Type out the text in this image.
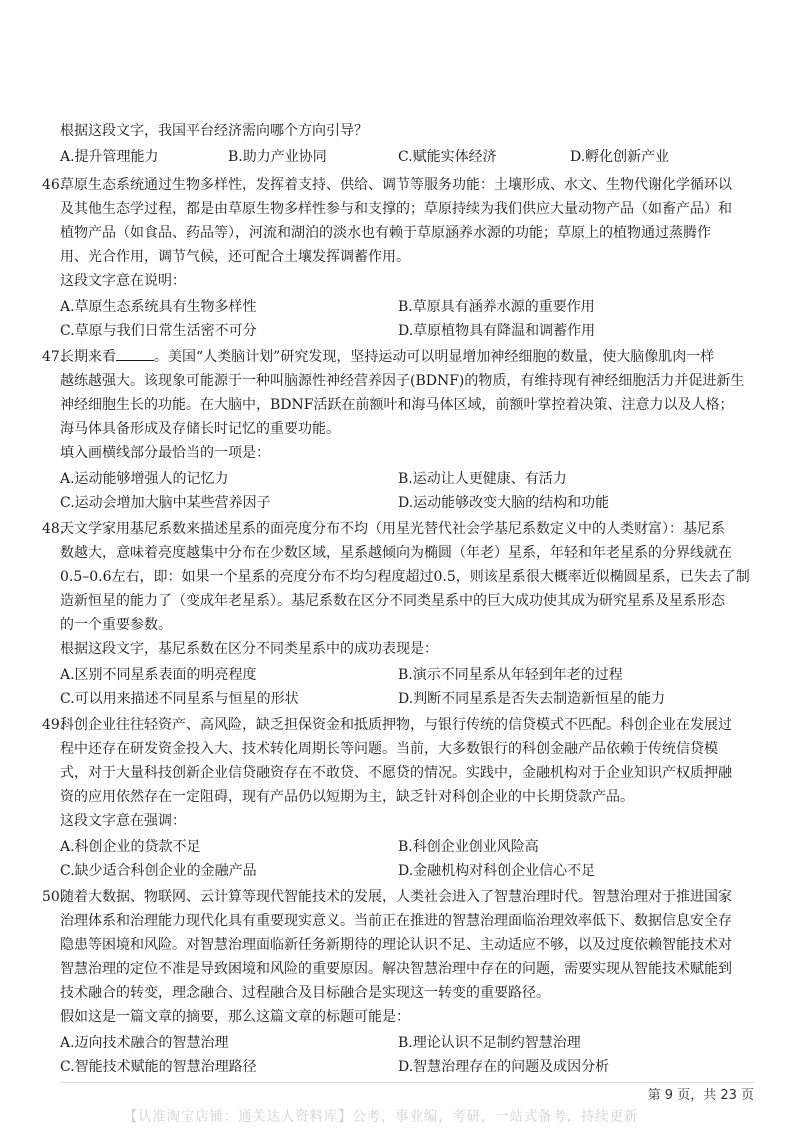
根据这段文字，我国平台经济需向哪个方向引导？
A.提升管理能力	B.助力产业协同	C.赋能实体经济	D.孵化创新产业
46.
草原生态系统通过生物多样性，发挥着支持、供给、调节等服务功能：土壤形成、水文、生物代谢化学循环以
及其他生态学过程，都是由草原生物多样性参与和支撑的；草原持续为我们供应大量动物产品（如畜产品）和
植物产品（如食品、药品等），河流和湖泊的淡水也有赖于草原涵养水源的功能；草原上的植物通过蒸腾作
用、光合作用，调节气候，还可配合土壤发挥调蓄作用。
这段文字意在说明：
A.草原生态系统具有生物多样性	B.草原具有涵养水源的重要作用
C.草原与我们日常生活密不可分	D.草原植物具有降温和调蓄作用
47.
长期来看	。美国“人类脑计划”研究发现，坚持运动可以明显增加神经细胞的数量，使大脑像肌肉一样
越练越强大。该现象可能源于一种叫脑源性神经营养因子(BDNF)的物质，有维持现有神经细胞活力并促进新生
神经细胞生长的功能。在大脑中，BDNF活跃在前额叶和海马体区域，前额叶掌控着决策、注意力以及人格；
海马体具备形成及存储长时记忆的重要功能。
填入画横线部分最恰当的一项是：
A.运动能够增强人的记忆力	B.运动让人更健康、有活力
C.运动会增加大脑中某些营养因子	D.运动能够改变大脑的结构和功能
48.
天文学家用基尼系数来描述星系的面亮度分布不均（用星光替代社会学基尼系数定义中的人类财富）：基尼系
数越大，意味着亮度越集中分布在少数区域，星系越倾向为椭圆（年老）星系，年轻和年老星系的分界线就在
0.5–0.6左右，即：如果一个星系的亮度分布不均匀程度超过0.5，则该星系很大概率近似椭圆星系，已失去了制
造新恒星的能力了（变成年老星系）。基尼系数在区分不同类星系中的巨大成功使其成为研究星系及星系形态
的一个重要参数。
根据这段文字，基尼系数在区分不同类星系中的成功表现是：
A.区别不同星系表面的明亮程度	B.演示不同星系从年轻到年老的过程
C.可以用来描述不同星系与恒星的形状	D.判断不同星系是否失去制造新恒星的能力
49.
科创企业往往轻资产、高风险，缺乏担保资金和抵质押物，与银行传统的信贷模式不匹配。科创企业在发展过
程中还存在研发资金投入大、技术转化周期长等问题。当前，大多数银行的科创金融产品依赖于传统信贷模
式，对于大量科技创新企业信贷融资存在不敢贷、不愿贷的情况。实践中，金融机构对于企业知识产权质押融
资的应用依然存在一定阻碍，现有产品仍以短期为主，缺乏针对科创企业的中长期贷款产品。
这段文字意在强调：
A.科创企业的贷款不足	B.科创企业创业风险高
C.缺少适合科创企业的金融产品	D.金融机构对科创企业信心不足
50.
随着大数据、物联网、云计算等现代智能技术的发展，人类社会进入了智慧治理时代。智慧治理对于推进国家
治理体系和治理能力现代化具有重要现实意义。当前正在推进的智慧治理面临治理效率低下、数据信息安全存
隐患等困境和风险。对智慧治理面临新任务新期待的理论认识不足、主动适应不够，以及过度依赖智能技术对
智慧治理的定位不准是导致困境和风险的重要原因。解决智慧治理中存在的问题，需要实现从智能技术赋能到
技术融合的转变，理念融合、过程融合及目标融合是实现这一转变的重要路径。
假如这是一篇文章的摘要，那么这篇文章的标题可能是：
A.迈向技术融合的智慧治理	B.理论认识不足制约智慧治理
C.智能技术赋能的智慧治理路径	D.智慧治理存在的问题及成因分析
第 9 页，共 23 页
【认准淘宝店铺：通关达人资料库】公考，事业编，考研，一站式备考，持续更新
